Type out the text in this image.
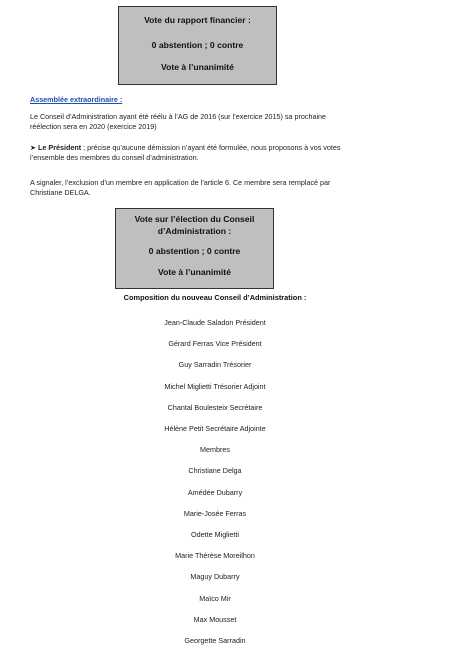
Vote du rapport financier :
0 abstention ; 0 contre
Vote à l’unanimité
Assemblée extraordinaire :
Le Conseil d’Administration ayant été réélu à l’AG de 2016 (sur l’exercice 2015) sa prochaine
réélection sera en 2020 (exercice 2019)
➤ Le Président ; précise qu’aucune démission n’ayant été formulée, nous proposons à vos votes
l’ensemble des membres du conseil d’administration.
A signaler, l’exclusion d’un membre en application de l’article 6. Ce membre sera remplacé par
Christiane DELGA.
Vote sur l’élection du Conseil
d’Administration :
0 abstention ; 0 contre
Vote à l’unanimité
Composition du nouveau Conseil d’Administration :
Jean-Claude Saladon Président
Gérard Ferras Vice Président
Guy Sarradin Trésorier
Michel Miglietti Trésorier Adjoint
Chantal Boulesteix Secrétaire
Hélène Petit Secrétaire Adjointe
Membres
Christiane Delga
Amédée Dubarry
Marie-Josée Ferras
Odette Miglietti
Marie Thérèse Moreilhon
Maguy Dubarry
Maïco Mir
Max Mousset
Georgette Sarradin
